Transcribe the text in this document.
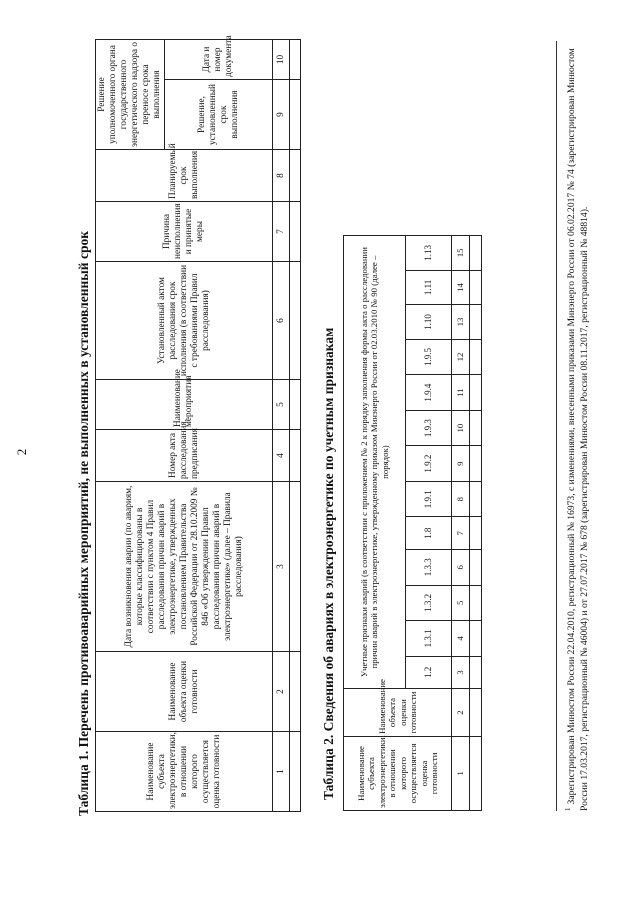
2	Таблица 1. Перечень противоаварийных мероприятий, не выполненных в установленный срок	Наименование субъекта электроэнергетики, в отношении которого осуществляется оценка готовности	Наименование объекта оценки готовности	Дата возникновения аварии (по авариям, которые классифицированы в соответствии с пунктом 4 Правил расследования причин аварий в электроэнергетике, утвержденных постановлением Правительства Российской Федерации от 28.10.2009 № 846 «Об утверждении Правил расследования причин аварий в электроэнергетике» (далее – Правила расследования)	Номер акта расследования, предписания	Наименование мероприятия	Установленный актом расследования срок исполнения (в соответствии с требованиями Правил расследования)	Причина неисполнения и принятые меры	Планируемый срок выполнения	Решение уполномоченного органа государственного энергетического надзора о переносе срока выполнения	
								Решение, установленный срок выполнения	Дата и номер документа
1	2	3	4	5	6	7	8	9	10

Таблица 2. Сведения об авариях в электроэнергетике по учетным признакам Наименование субъекта электроэнергетики, в отношении которого осуществляется оценка готовности	Наименование объекта оценки готовности	Учетные признаки аварий (в соответствии с приложением № 2 к порядку заполнения формы акта о расследовании причин аварий в электроэнергетике, утвержденному приказом Минэнерго России от 02.03.2010 № 90 (далее – порядок)												
		1.2	1.3.1	1.3.2	1.3.3	1.8	1.9.1	1.9.2	1.9.3	1.9.4	1.9.5	1.10	1.11	1.13
1	2	3	4	5	6	7	8	9	10	11	12	13	14	15

$^1$Зарегистрирован Минюстом России 22.04.2010, регистрационный № 16973, с изменениями, внесенными приказами Минэнерго России от 06.02.2017 № 74 (зарегистрирован Минюстом России 17.03.2017, регистрационный № 46004) и от 27.07.2017 № 678 (зарегистрирован Минюстом России 08.11.2017, регистрационный № 48814).
